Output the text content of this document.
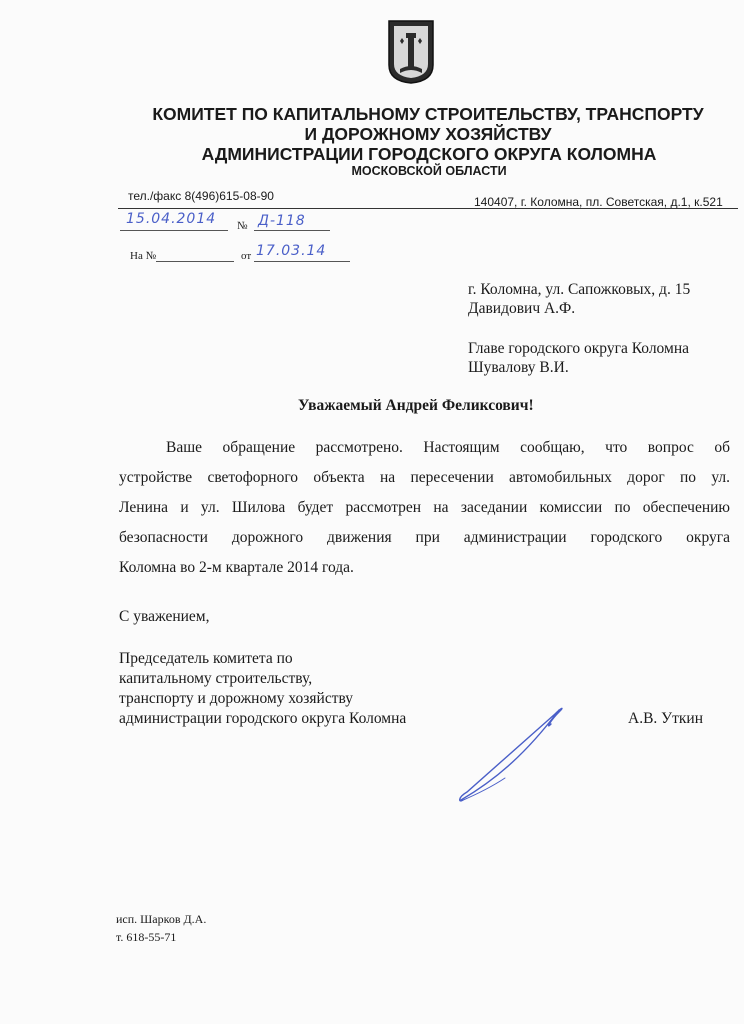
КОМИТЕТ ПО КАПИТАЛЬНОМУ СТРОИТЕЛЬСТВУ, ТРАНСПОРТУ
И ДОРОЖНОМУ ХОЗЯЙСТВУ
АДМИНИСТРАЦИИ ГОРОДСКОГО ОКРУГА КОЛОМНА
МОСКОВСКОЙ ОБЛАСТИ
тел./факс 8(496)615-08-90	140407, г. Коломна, пл. Советская, д.1, к.521
15.04.2014 № Д-118
На №	от 17.03.14
г. Коломна, ул. Сапожковых, д. 15
Давидович А.Ф.
Главе городского округа Коломна
Шувалову В.И.
Уважаемый Андрей Феликсович!
Ваше обращение рассмотрено. Настоящим сообщаю, что вопрос об
устройстве светофорного объекта на пересечении автомобильных дорог по ул.
Ленина и ул. Шилова будет рассмотрен на заседании комиссии по обеспечению
безопасности дорожного движения при администрации городского округа
Коломна во 2-м квартале 2014 года.
С уважением,
Председатель комитета по
капитальному строительству,
транспорту и дорожному хозяйству
администрации городского округа Коломна	А.В. Уткин
исп. Шарков Д.А.
т. 618-55-71
